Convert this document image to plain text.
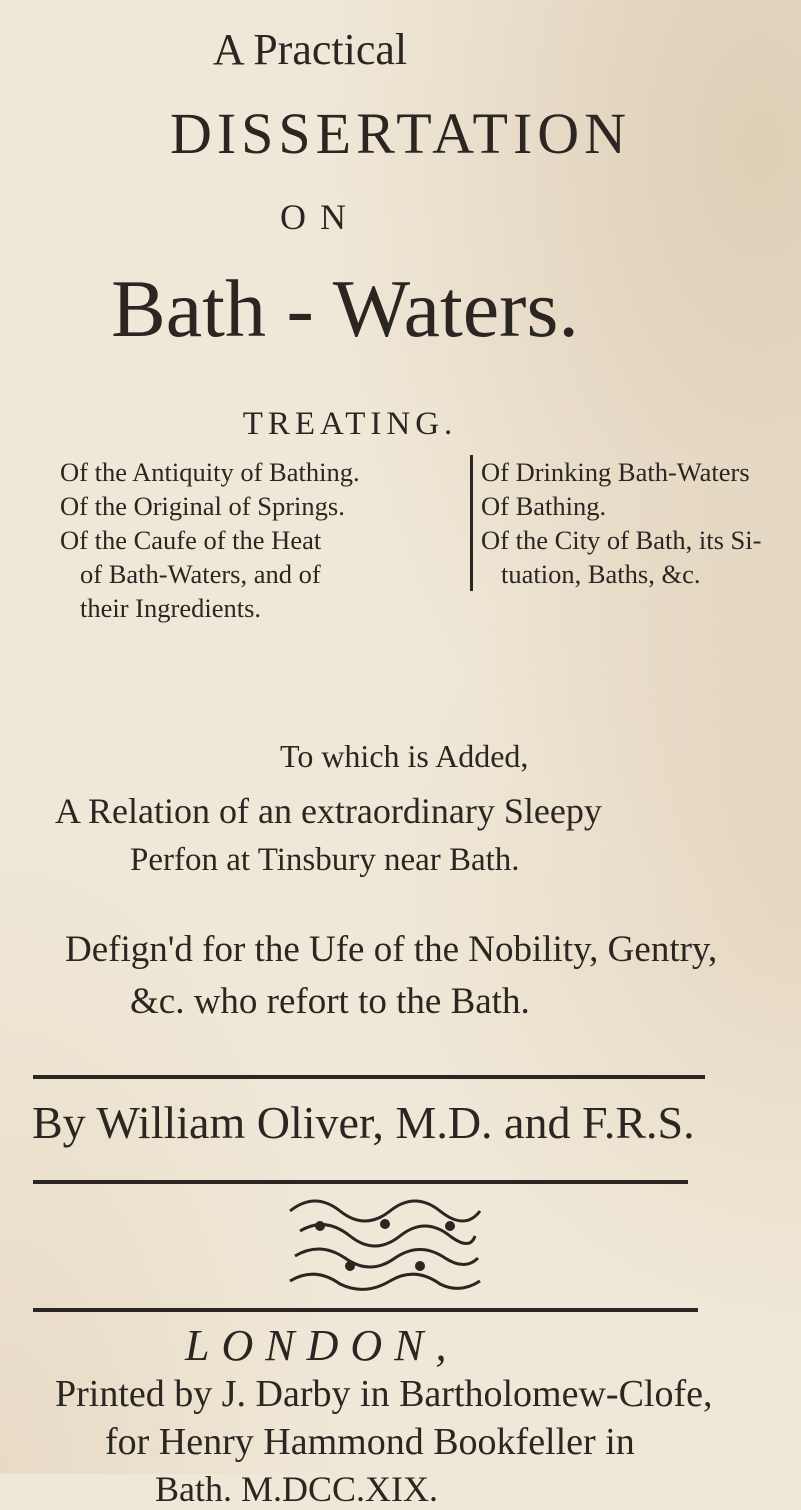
A Practical
DISSERTATION
ON
Bath - Waters.
TREATING.

Of the Antiquity of Bathing.

Of the Original of Springs.

Of the Caufe of the Heat

of Bath-Waters, and of

their Ingredients.

Of Drinking Bath-Waters

Of Bathing.

Of the City of Bath, its Si-

tuation, Baths, &c.

To which is Added,
A Relation of an extraordinary Sleepy
Perfon at Tinsbury near Bath.
Defign'd for the Ufe of the Nobility, Gentry,
&c. who refort to the Bath.
By William Oliver, M.D. and F.R.S.
LONDON,
Printed by J. Darby in Bartholomew-Clofe,
for Henry Hammond Bookfeller in
Bath. M.DCC.XIX.
